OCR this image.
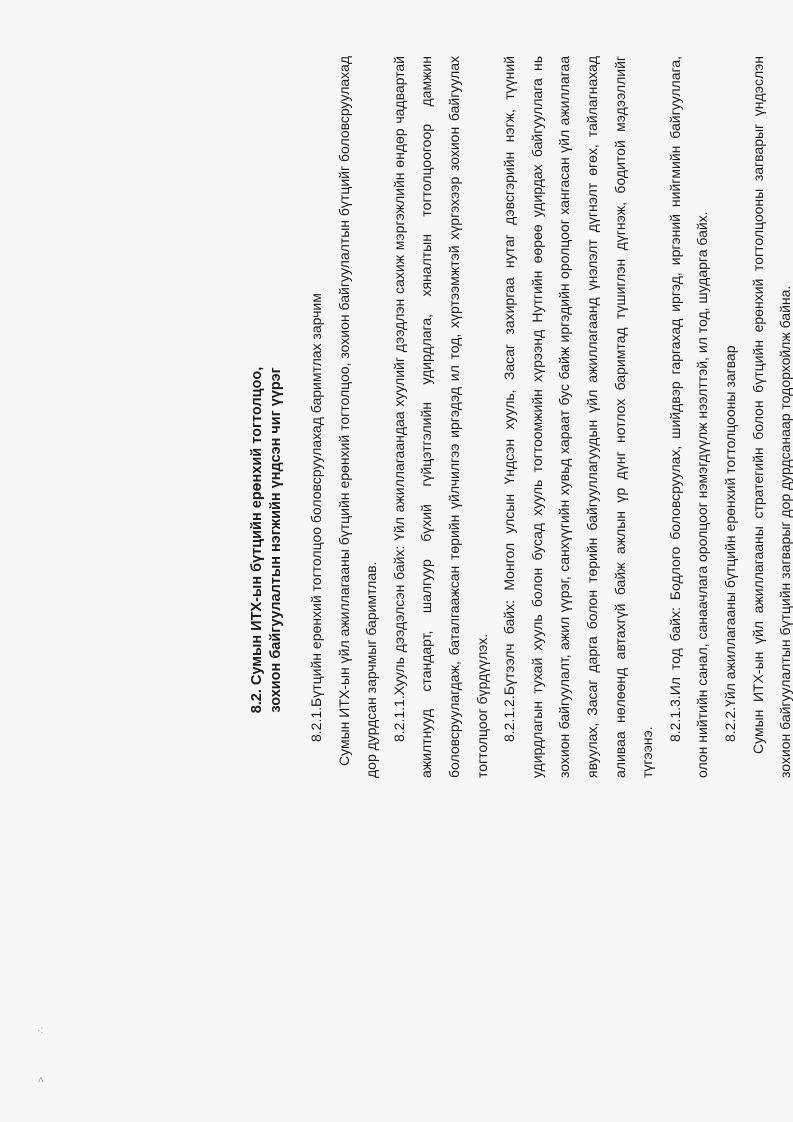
·:
˄
8.2. Сумын ИТХ-ын бүтцийн ерөнхий тогтолцоо, зохион байгуулалтын нэгжийн үндсэн чиг үүрэг	8.2.1.Бүтцийн ерөнхий тогтолцоо боловсруулахад баримтлах зарчим Сумын ИТХ-ын үйл ажиллагааны бүтцийн ерөнхий тогтолцоо, зохион байгуулалтын бүтцийг боловсруулахад дор дурдсан зарчмыг баримтлав. 8.2.1.1.Хууль дээдэлсэн байх: Үйл ажиллагаандаа хуулийг дээдлэн сахиж мэргэжлийн өндөр чадвартай ажилтнууд стандарт, шалгуур бүхий гүйцэтгэлийн удирдлага, хяналтын тогтолцоогоор дамжин боловсруулагдаж, баталгаажсан төрийн үйлчилгээ иргэдэд ил тод, хүртээмжтэй хүргэхээр зохион байгуулах тогтолцоог бүрдүүлэх. 8.2.1.2.Бүтээлч байх: Монгол улсын Үндсэн хууль, Засаг захиргаа нутаг дэвсгэрийн нэгж, түүний удирдлагын тухай хууль болон бусад хууль тогтоомжийн хүрээнд Нутгийн өөрөө удирдах байгууллага нь зохион байгуулалт, ажил үүрэг, санхүүгийн хувьд хараат бус байж иргэдийн оролцоог хангасан үйл ажиллагаа явуулах, Засаг дарга болон төрийн байгууллагуудын үйл ажиллагаанд үнэлэлт дүгнэлт өгөх, тайлагнахад аливаа нөлөөнд автахгүй байж ажлын үр дүнг нотлох баримтад түшиглэн дүгнэж, бодитой мэдээллийг түгээнэ.

8.2.1.3.Ил тод байх: Бодлого боловсруулах, шийдвэр гаргахад иргэд, иргэний нийгмийн байгууллага, олон нийтийн санал, санаачлага оролцоог нэмэгдүүлж нээлттэй, ил тод, шударга байх. 8.2.2.Үйл ажиллагааны бүтцийн ерөнхий тогтолцооны загвар Сумын ИТХ-ын үйл ажиллагааны стратегийн болон бүтцийн ерөнхий тогтолцооны загварыг үндэслэн зохион байгуулалтын бүтцийн загварыг дор дурдсанаар тодорхойлж байна.
